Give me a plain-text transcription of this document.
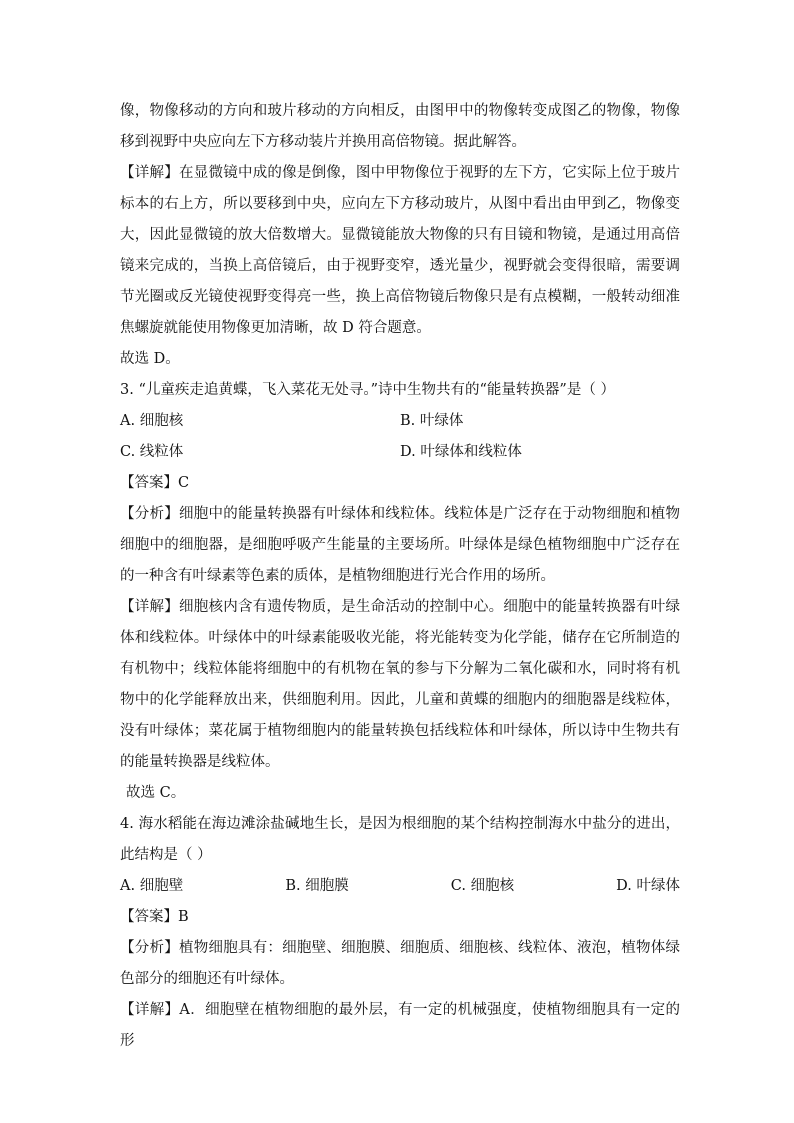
像，物像移动的方向和玻片移动的方向相反，由图甲中的物像转变成图乙的物像，物像移到视野中央应向左下方移动装片并换用高倍物镜。据此解答。

【详解】在显微镜中成的像是倒像，图中甲物像位于视野的左下方，它实际上位于玻片标本的右上方，所以要移到中央，应向左下方移动玻片，从图中看出由甲到乙，物像变大，因此显微镜的放大倍数增大。显微镜能放大物像的只有目镜和物镜，是通过用高倍镜来完成的，当换上高倍镜后，由于视野变窄，透光量少，视野就会变得很暗，需要调节光圈或反光镜使视野变得亮一些，换上高倍物镜后物像只是有点模糊，一般转动细准焦螺旋就能使用物像更加清晰，故 D 符合题意。

故选 D。

3. “儿童疾走追黄蝶，飞入菜花无处寻。”诗中生物共有的“能量转换器”是（ ）

A. 细胞核	B. 叶绿体
C. 线粒体	D. 叶绿体和线粒体

【答案】C

【分析】细胞中的能量转换器有叶绿体和线粒体。线粒体是广泛存在于动物细胞和植物细胞中的细胞器，是细胞呼吸产生能量的主要场所。叶绿体是绿色植物细胞中广泛存在的一种含有叶绿素等色素的质体，是植物细胞进行光合作用的场所。

【详解】细胞核内含有遗传物质，是生命活动的控制中心。细胞中的能量转换器有叶绿体和线粒体。叶绿体中的叶绿素能吸收光能，将光能转变为化学能，储存在它所制造的有机物中；线粒体能将细胞中的有机物在氧的参与下分解为二氧化碳和水，同时将有机物中的化学能释放出来，供细胞利用。因此，儿童和黄蝶的细胞内的细胞器是线粒体，没有叶绿体；菜花属于植物细胞内的能量转换包括线粒体和叶绿体，所以诗中生物共有的能量转换器是线粒体。

故选 C。

4. 海水稻能在海边滩涂盐碱地生长，是因为根细胞的某个结构控制海水中盐分的进出，此结构是（ ）

A. 细胞壁	B. 细胞膜	C. 细胞核	D. 叶绿体

【答案】B

【分析】植物细胞具有：细胞壁、细胞膜、细胞质、细胞核、线粒体、液泡，植物体绿色部分的细胞还有叶绿体。

【详解】A．细胞壁在植物细胞的最外层，有一定的机械强度，使植物细胞具有一定的形
